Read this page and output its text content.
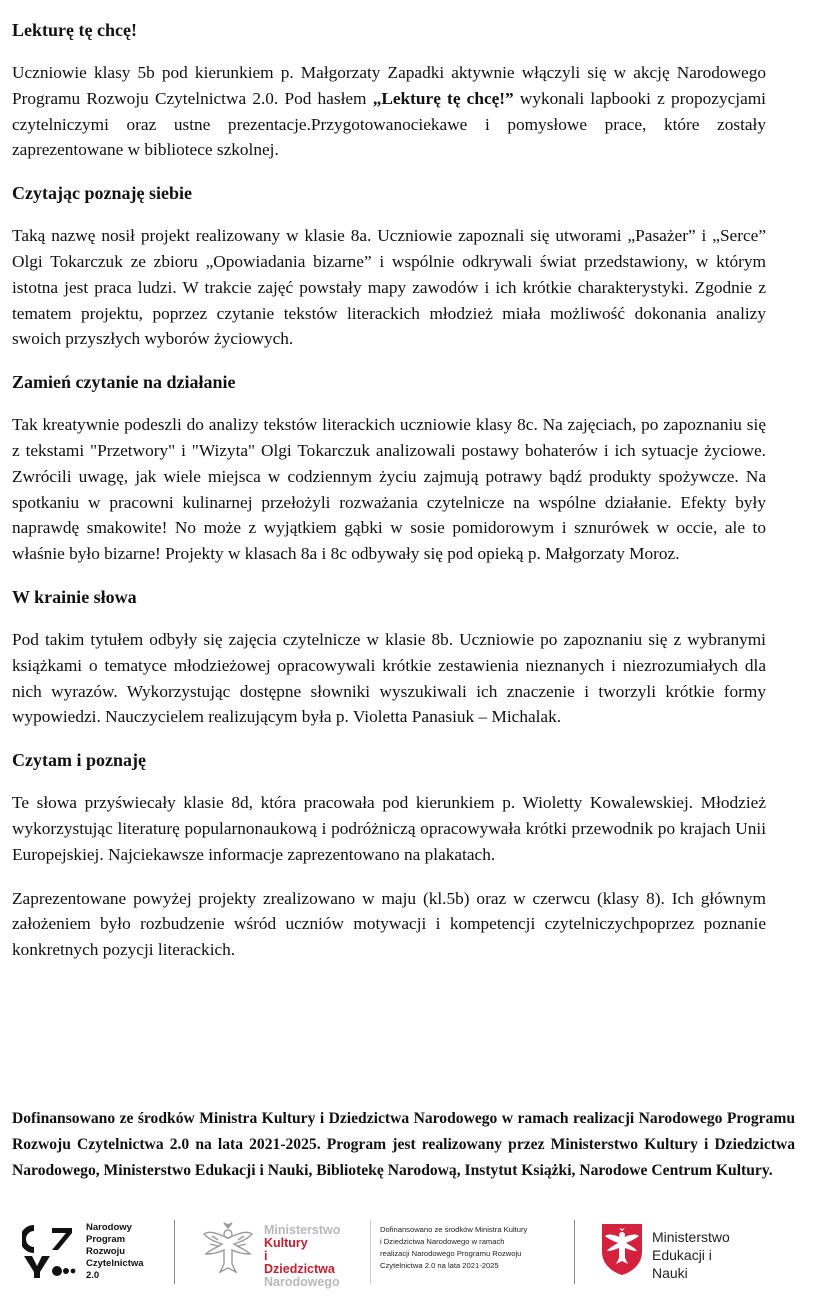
Lekturę tę chcę!

Uczniowie klasy 5b pod kierunkiem p. Małgorzaty Zapadki aktywnie włączyli się w akcję Narodowego Programu Rozwoju Czytelnictwa 2.0. Pod hasłem „Lekturę tę chcę!” wykonali lapbooki z propozycjami czytelniczymi oraz ustne prezentacje.Przygotowanociekawe i pomysłowe prace, które zostały zaprezentowane w bibliotece szkolnej.

Czytając poznaję siebie

Taką nazwę nosił projekt realizowany w klasie 8a. Uczniowie zapoznali się utworami „Pasażer” i „Serce” Olgi Tokarczuk ze zbioru „Opowiadania bizarne” i wspólnie odkrywali świat przedstawiony, w którym istotna jest praca ludzi. W trakcie zajęć powstały mapy zawodów i ich krótkie charakterystyki. Zgodnie z tematem projektu, poprzez czytanie tekstów literackich młodzież miała możliwość dokonania analizy swoich przyszłych wyborów życiowych.

Zamień czytanie na działanie

Tak kreatywnie podeszli do analizy tekstów literackich uczniowie klasy 8c. Na zajęciach, po zapoznaniu się z tekstami "Przetwory" i "Wizyta" Olgi Tokarczuk analizowali postawy bohaterów i ich sytuacje życiowe. Zwrócili uwagę, jak wiele miejsca w codziennym życiu zajmują potrawy bądź produkty spożywcze. Na spotkaniu w pracowni kulinarnej przełożyli rozważania czytelnicze na wspólne działanie. Efekty były naprawdę smakowite! No może z wyjątkiem gąbki w sosie pomidorowym i sznurówek w occie, ale to właśnie było bizarne! Projekty w klasach 8a i 8c odbywały się pod opieką p. Małgorzaty Moroz.

W krainie słowa

Pod takim tytułem odbyły się zajęcia czytelnicze w klasie 8b. Uczniowie po zapoznaniu się z wybranymi książkami o tematyce młodzieżowej opracowywali krótkie zestawienia nieznanych i niezrozumiałych dla nich wyrazów. Wykorzystując dostępne słowniki wyszukiwali ich znaczenie i tworzyli krótkie formy wypowiedzi. Nauczycielem realizującym była p. Violetta Panasiuk – Michalak.

Czytam i poznaję

Te słowa przyświecały klasie 8d, która pracowała pod kierunkiem p. Wioletty Kowalewskiej. Młodzież wykorzystując literaturę popularnonaukową i podróżniczą opracowywała krótki przewodnik po krajach Unii Europejskiej. Najciekawsze informacje zaprezentowano na plakatach.

Zaprezentowane powyżej projekty zrealizowano w maju (kl.5b) oraz w czerwcu (klasy 8). Ich głównym założeniem było rozbudzenie wśród uczniów motywacji i kompetencji czytelniczychpoprzez poznanie konkretnych pozycji literackich.

Dofinansowano ze środków Ministra Kultury i Dziedzictwa Narodowego w ramach realizacji Narodowego Programu Rozwoju Czytelnictwa 2.0 na lata 2021-2025. Program jest realizowany przez Ministerstwo Kultury i Dziedzictwa Narodowego, Ministerstwo Edukacji i Nauki, Bibliotekę Narodową, Instytut Książki, Narodowe Centrum Kultury.
Narodowy
Program
Rozwoju
Czytelnictwa
2.0
Ministerstwo
Kultury
i Dziedzictwa
Narodowego
Dofinansowano ze środków Ministra Kultury
i Dziedzictwa Narodowego w ramach
realizacji Narodowego Programu Rozwoju
Czytelnictwa 2.0 na lata 2021-2025
Ministerstwo
Edukacji i Nauki
